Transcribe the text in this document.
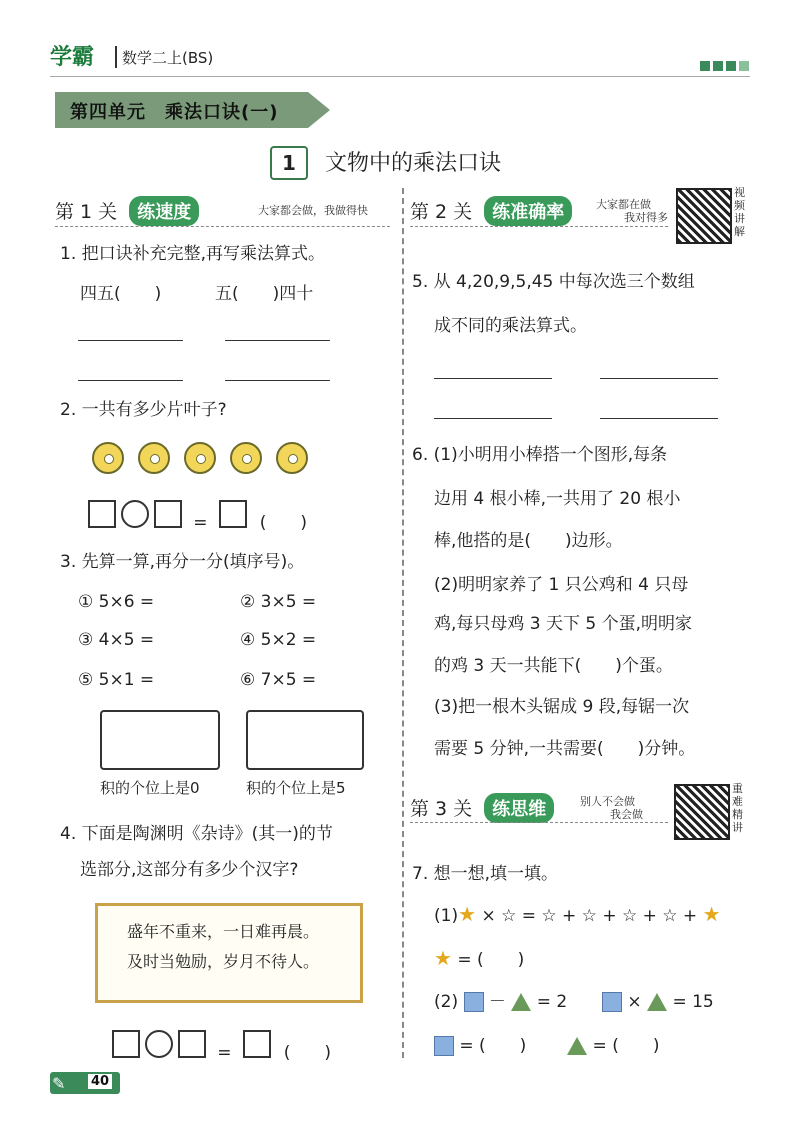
学霸 数学二上(BS)
第四单元　乘法口诀(一)
1	文物中的乘法口诀
第 1 关 练速度	大家都会做，我做得快
1. 把口诀补充完整,再写乘法算式。
四五(　　)	五(　　)四十
2. 一共有多少片叶子?
=	(　　)
3. 先算一算,再分一分(填序号)。
① 5×6 =	② 3×5 =
③ 4×5 =	④ 5×2 =
⑤ 5×1 =	⑥ 7×5 =
积的个位上是0	积的个位上是5
4. 下面是陶渊明《杂诗》(其一)的节
选部分,这部分有多少个汉字?
盛年不重来，一日难再晨。
及时当勉励，岁月不待人。
=	(　　)
第 2 关 练准确率	大家都在做
我对得多
视频讲解
5. 从 4,20,9,5,45 中每次选三个数组
成不同的乘法算式。
6. (1)小明用小棒搭一个图形,每条
边用 4 根小棒,一共用了 20 根小
棒,他搭的是(　　)边形。
(2)明明家养了 1 只公鸡和 4 只母
鸡,每只母鸡 3 天下 5 个蛋,明明家
的鸡 3 天一共能下(　　)个蛋。
(3)把一根木头锯成 9 段,每锯一次
需要 5 分钟,一共需要(　　)分钟。
第 3 关 练思维	别人不会做
我会做
重难精讲
7. 想一想,填一填。
(1)★ × ☆ = ☆ + ☆ + ☆ + ☆ + ★
★ = (　　)
(2) － = 2	× = 15
= (　　)	= (　　)
✎ 40
